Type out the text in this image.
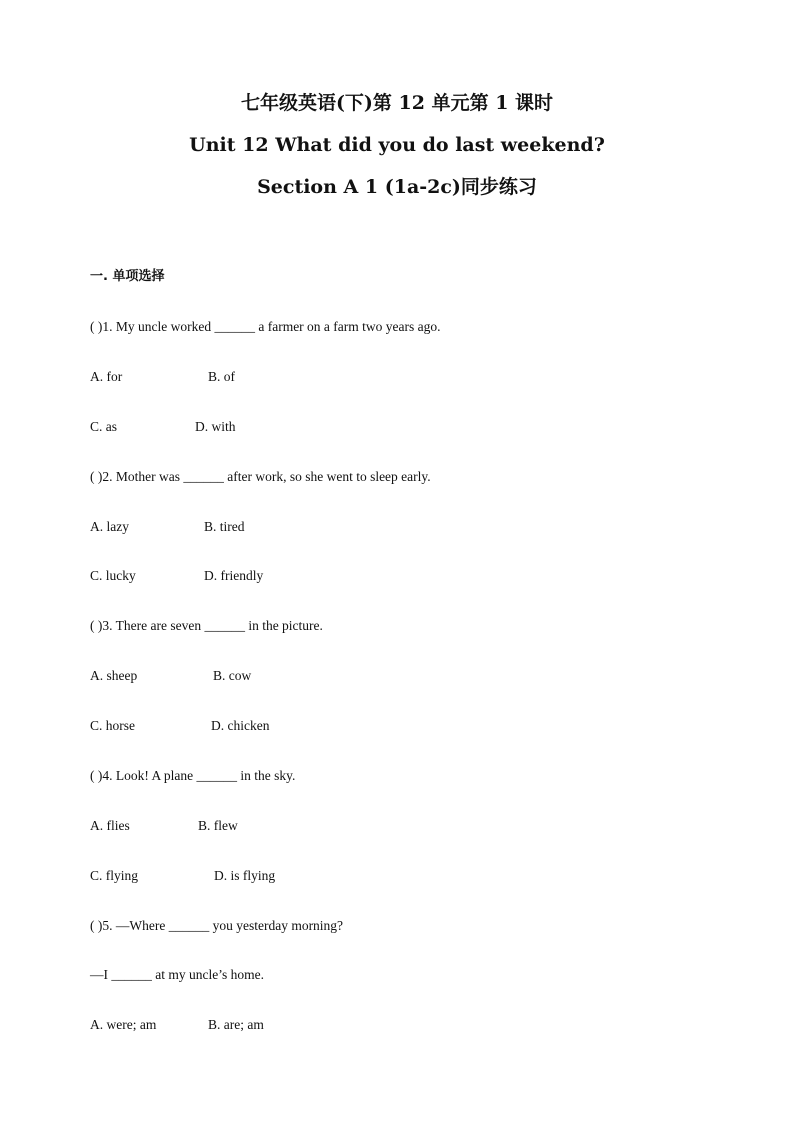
七年级英语(下)第 12 单元第 1 课时
Unit 12 What did you do last weekend?
Section A 1 (1a-2c)同步练习
一. 单项选择
( )1. My uncle worked ______ a farmer on a farm two years ago.
A. for	B. of
C. as	D. with
( )2. Mother was ______ after work, so she went to sleep early.
A. lazy	B. tired
C. lucky	D. friendly
( )3. There are seven ______ in the picture.
A. sheep	B. cow
C. horse	D. chicken
( )4. Look! A plane ______ in the sky.
A. flies	B. flew
C. flying	D. is flying
( )5. —Where ______ you yesterday morning?
—I ______ at my uncle’s home.
A. were; am	B. are; am
